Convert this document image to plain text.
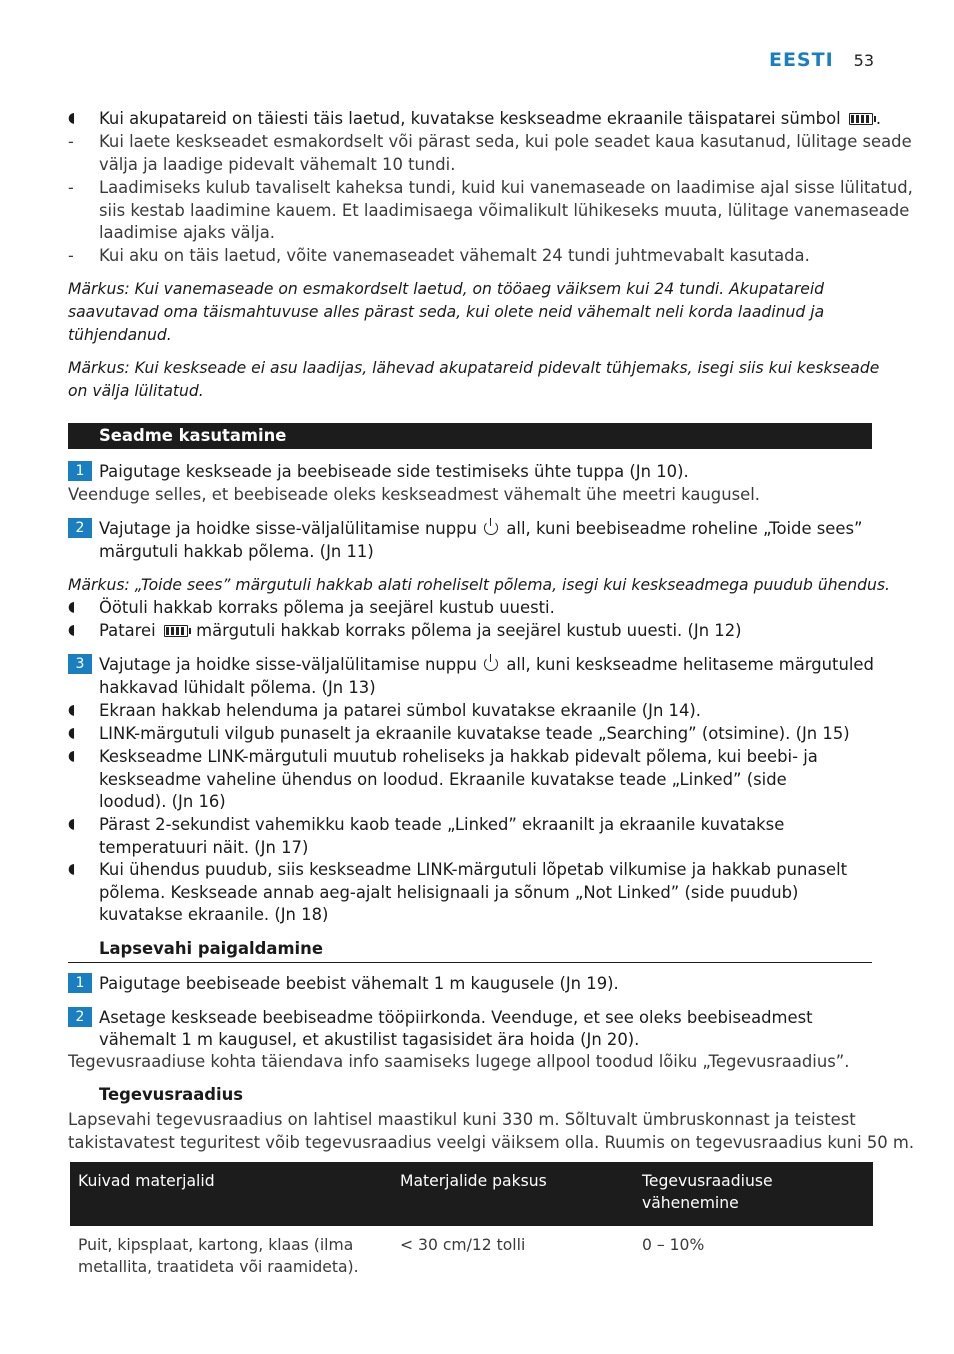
EESTI 53
◖ Kui akupatareid on täiesti täis laetud, kuvatakse keskseadme ekraanile täispatarei sümbol .
- Kui laete keskseadet esmakordselt või pärast seda, kui pole seadet kaua kasutanud, lülitage seade
välja ja laadige pidevalt vähemalt 10 tundi.
- Laadimiseks kulub tavaliselt kaheksa tundi, kuid kui vanemaseade on laadimise ajal sisse lülitatud,
siis kestab laadimine kauem. Et laadimisaega võimalikult lühikeseks muuta, lülitage vanemaseade
laadimise ajaks välja.
- Kui aku on täis laetud, võite vanemaseadet vähemalt 24 tundi juhtmevabalt kasutada.
Märkus: Kui vanemaseade on esmakordselt laetud, on tööaeg väiksem kui 24 tundi. Akupatareid
saavutavad oma täismahtuvuse alles pärast seda, kui olete neid vähemalt neli korda laadinud ja
tühjendanud.
Märkus: Kui keskseade ei asu laadijas, lähevad akupatareid pidevalt tühjemaks, isegi siis kui keskseade
on välja lülitatud.
Seadme kasutamine
1 Paigutage keskseade ja beebiseade side testimiseks ühte tuppa (Jn 10).
Veenduge selles, et beebiseade oleks keskseadmest vähemalt ühe meetri kaugusel.
2 Vajutage ja hoidke sisse-väljalülitamise nuppu all, kuni beebiseadme roheline „Toide sees”
märgutuli hakkab põlema. (Jn 11)
Märkus: „Toide sees” märgutuli hakkab alati roheliselt põlema, isegi kui keskseadmega puudub ühendus.
◖ Öötuli hakkab korraks põlema ja seejärel kustub uuesti.
◖ Patarei märgutuli hakkab korraks põlema ja seejärel kustub uuesti. (Jn 12)
3 Vajutage ja hoidke sisse-väljalülitamise nuppu all, kuni keskseadme helitaseme märgutuled
hakkavad lühidalt põlema. (Jn 13)
◖ Ekraan hakkab helenduma ja patarei sümbol kuvatakse ekraanile (Jn 14).
◖ LINK-märgutuli vilgub punaselt ja ekraanile kuvatakse teade „Searching” (otsimine). (Jn 15)
◖ Keskseadme LINK-märgutuli muutub roheliseks ja hakkab pidevalt põlema, kui beebi- ja
keskseadme vaheline ühendus on loodud. Ekraanile kuvatakse teade „Linked” (side
loodud). (Jn 16)
◖ Pärast 2-sekundist vahemikku kaob teade „Linked” ekraanilt ja ekraanile kuvatakse
temperatuuri näit. (Jn 17)
◖ Kui ühendus puudub, siis keskseadme LINK-märgutuli lõpetab vilkumise ja hakkab punaselt
põlema. Keskseade annab aeg-ajalt helisignaali ja sõnum „Not Linked” (side puudub)
kuvatakse ekraanile. (Jn 18)
Lapsevahi paigaldamine
1 Paigutage beebiseade beebist vähemalt 1 m kaugusele (Jn 19).
2 Asetage keskseade beebiseadme tööpiirkonda. Veenduge, et see oleks beebiseadmest
vähemalt 1 m kaugusel, et akustilist tagasisidet ära hoida (Jn 20).
Tegevusraadiuse kohta täiendava info saamiseks lugege allpool toodud lõiku „Tegevusraadius”.
Tegevusraadius
Lapsevahi tegevusraadius on lahtisel maastikul kuni 330 m. Sõltuvalt ümbruskonnast ja teistest
takistavatest teguritest võib tegevusraadius veelgi väiksem olla. Ruumis on tegevusraadius kuni 50 m.
Kuivad materjalid	Materjalide paksus	Tegevusraadiuse vähenemine
Puit, kipsplaat, kartong, klaas (ilma metallita, traatideta või raamideta).	< 30 cm/12 tolli	0 – 10%
